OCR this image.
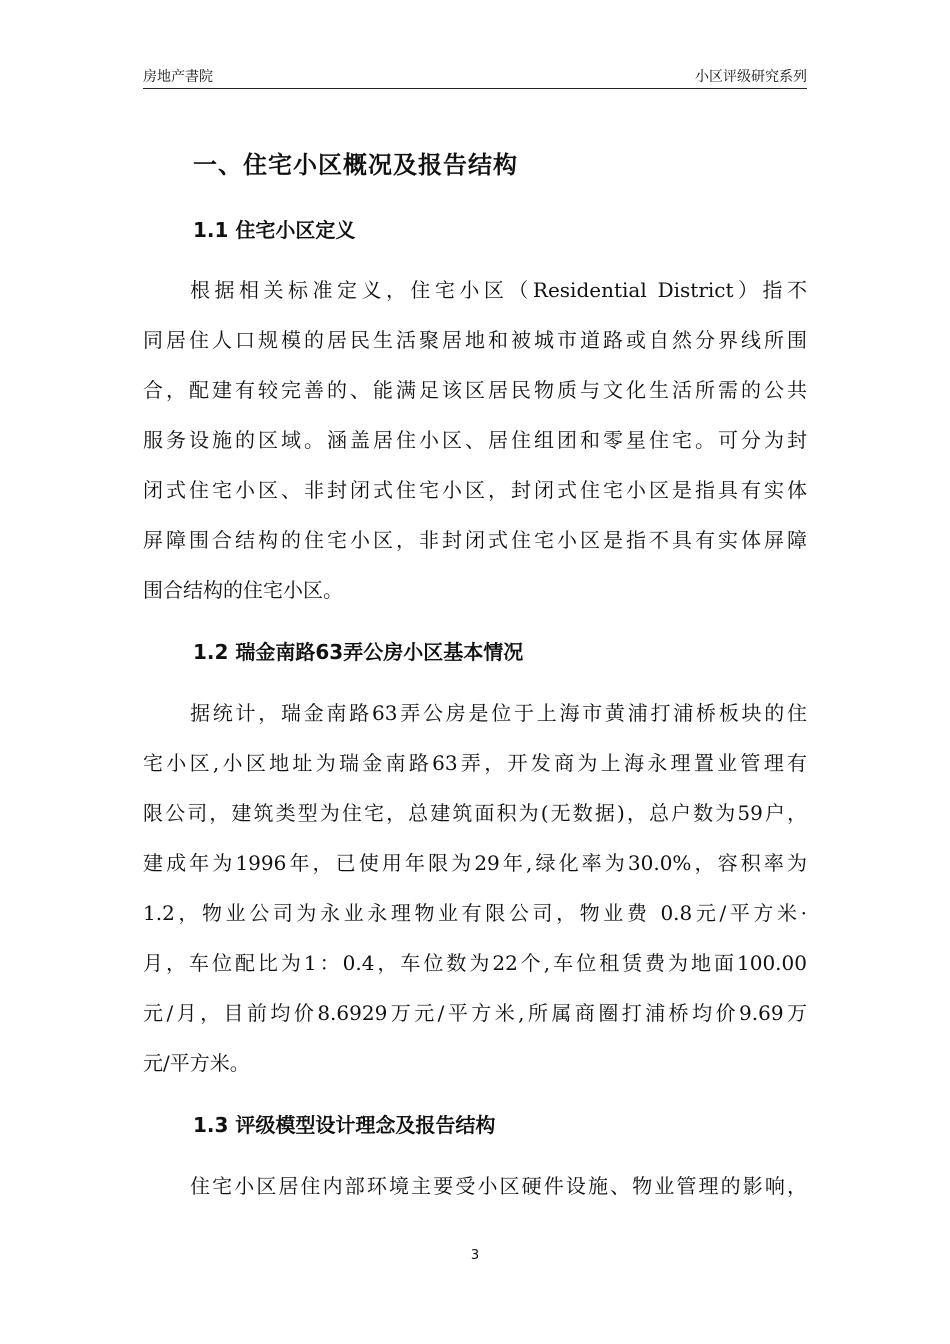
房地产書院	小区评级研究系列
一、住宅小区概况及报告结构
1.1 住宅小区定义
根据相关标准定义，住宅小区（Residential District）指不
同居住人口规模的居民生活聚居地和被城市道路或自然分界线所围
合，配建有较完善的、能满足该区居民物质与文化生活所需的公共
服务设施的区域。涵盖居住小区、居住组团和零星住宅。可分为封
闭式住宅小区、非封闭式住宅小区，封闭式住宅小区是指具有实体
屏障围合结构的住宅小区，非封闭式住宅小区是指不具有实体屏障
围合结构的住宅小区。
1.2 瑞金南路63弄公房小区基本情况
据统计，瑞金南路63弄公房是位于上海市黄浦打浦桥板块的住
宅小区,小区地址为瑞金南路63弄，开发商为上海永理置业管理有
限公司，建筑类型为住宅，总建筑面积为(无数据)，总户数为59户，
建成年为1996年，已使用年限为29年,绿化率为30.0%，容积率为
1.2，物业公司为永业永理物业有限公司，物业费 0.8元/平方米·
月，车位配比为1：0.4，车位数为22个,车位租赁费为地面100.00
元/月，目前均价8.6929万元/平方米,所属商圈打浦桥均价9.69万
元/平方米。
1.3 评级模型设计理念及报告结构
住宅小区居住内部环境主要受小区硬件设施、物业管理的影响，
3
